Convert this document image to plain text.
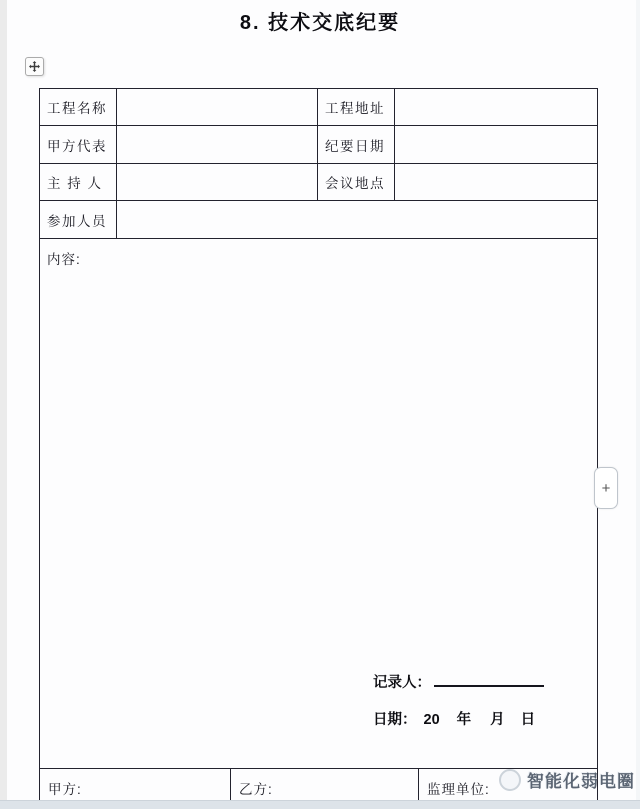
8. 技术交底纪要
工程名称		工程地址	
甲方代表		纪要日期	
主 持 人		会议地点	
参加人员			
内容:
记录人：
日期： 20 年 月 日			
甲方:	乙方:	监理单位:
+
智能化弱电圈
